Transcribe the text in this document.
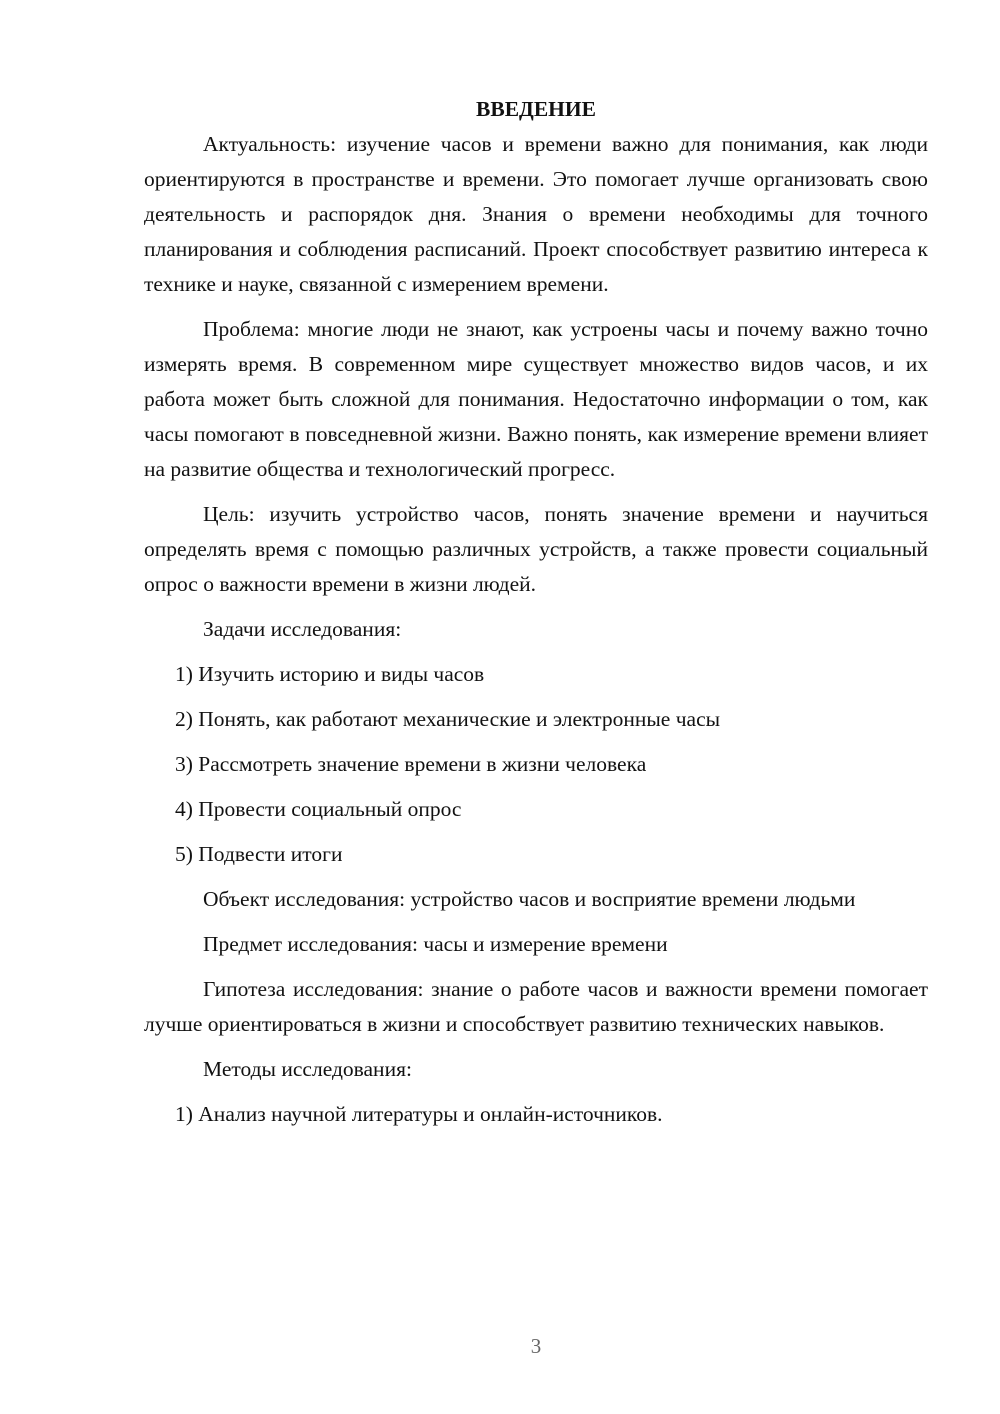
ВВЕДЕНИЕ

Актуальность: изучение часов и времени важно для понимания, как люди ориентируются в пространстве и времени. Это помогает лучше организовать свою деятельность и распорядок дня. Знания о времени необходимы для точного планирования и соблюдения расписаний. Проект способствует развитию интереса к технике и науке, связанной с измерением времени.

Проблема: многие люди не знают, как устроены часы и почему важно точно измерять время. В современном мире существует множество видов часов, и их работа может быть сложной для понимания. Недостаточно информации о том, как часы помогают в повседневной жизни. Важно понять, как измерение времени влияет на развитие общества и технологический прогресс.

Цель: изучить устройство часов, понять значение времени и научиться определять время с помощью различных устройств, а также провести социальный опрос о важности времени в жизни людей.

Задачи исследования:

1) Изучить историю и виды часов

2) Понять, как работают механические и электронные часы

3) Рассмотреть значение времени в жизни человека

4) Провести социальный опрос

5) Подвести итоги

Объект исследования: устройство часов и восприятие времени людьми

Предмет исследования: часы и измерение времени

Гипотеза исследования: знание о работе часов и важности времени помогает лучше ориентироваться в жизни и способствует развитию технических навыков.

Методы исследования:

1) Анализ научной литературы и онлайн-источников.

3
